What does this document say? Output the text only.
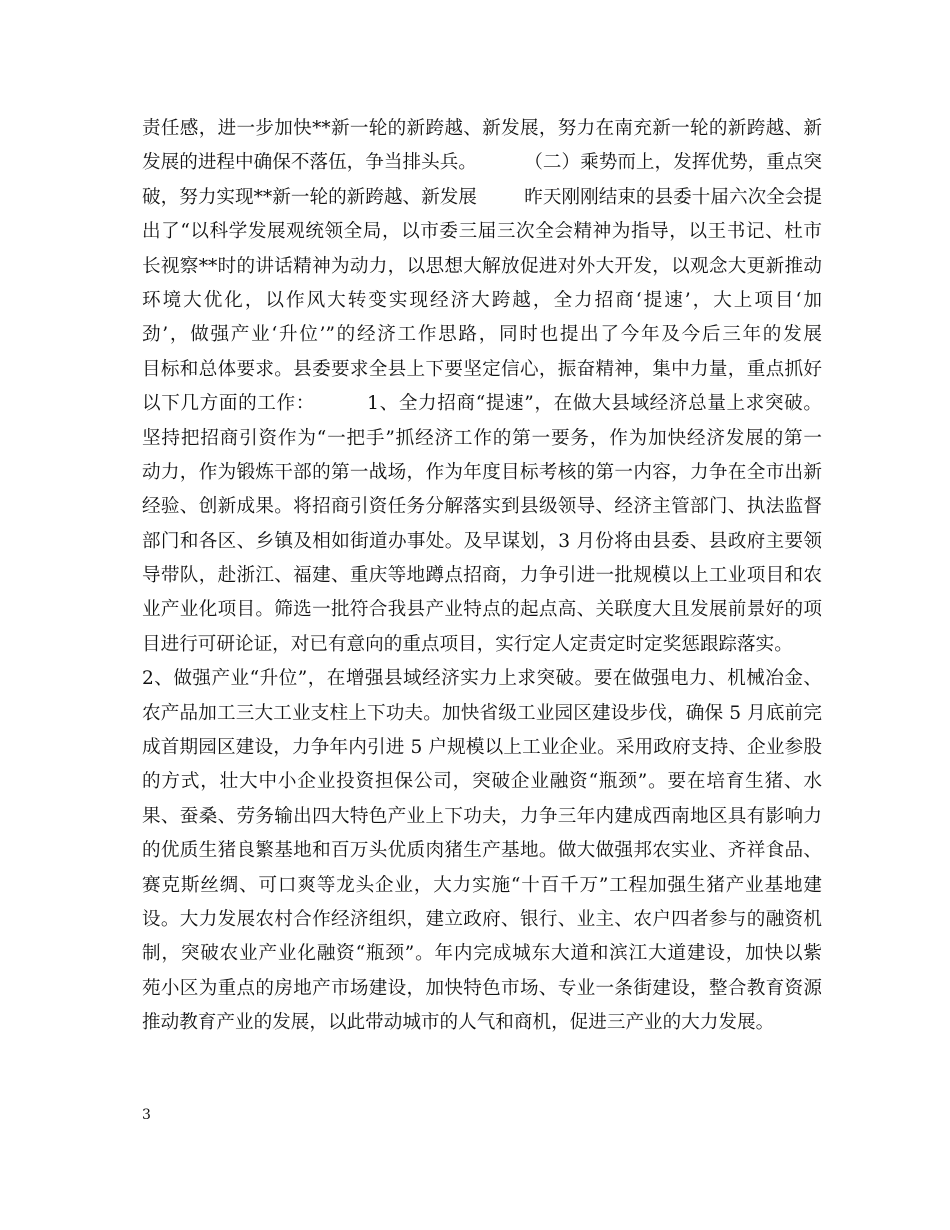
责任感，进一步加快**新一轮的新跨越、新发展，努力在南充新一轮的新跨越、新
发展的进程中确保不落伍，争当排头兵。        （二）乘势而上，发挥优势，重点突
破，努力实现**新一轮的新跨越、新发展        昨天刚刚结束的县委十届六次全会提
出了“以科学发展观统领全局，以市委三届三次全会精神为指导，以王书记、杜市
长视察**时的讲话精神为动力，以思想大解放促进对外大开发，以观念大更新推动
环境大优化，以作风大转变实现经济大跨越，全力招商‘提速’，大上项目‘加
劲’，做强产业‘升位’”的经济工作思路，同时也提出了今年及今后三年的发展
目标和总体要求。县委要求全县上下要坚定信心，振奋精神，集中力量，重点抓好
以下几方面的工作：        1、全力招商“提速”，在做大县域经济总量上求突破。
坚持把招商引资作为“一把手”抓经济工作的第一要务，作为加快经济发展的第一
动力，作为锻炼干部的第一战场，作为年度目标考核的第一内容，力争在全市出新
经验、创新成果。将招商引资任务分解落实到县级领导、经济主管部门、执法监督
部门和各区、乡镇及相如街道办事处。及早谋划，3 月份将由县委、县政府主要领
导带队，赴浙江、福建、重庆等地蹲点招商，力争引进一批规模以上工业项目和农
业产业化项目。筛选一批符合我县产业特点的起点高、关联度大且发展前景好的项
目进行可研论证，对已有意向的重点项目，实行定人定责定时定奖惩跟踪落实。
2、做强产业“升位”，在增强县域经济实力上求突破。要在做强电力、机械冶金、
农产品加工三大工业支柱上下功夫。加快省级工业园区建设步伐，确保 5 月底前完
成首期园区建设，力争年内引进 5 户规模以上工业企业。采用政府支持、企业参股
的方式，壮大中小企业投资担保公司，突破企业融资“瓶颈”。要在培育生猪、水
果、蚕桑、劳务输出四大特色产业上下功夫，力争三年内建成西南地区具有影响力
的优质生猪良繁基地和百万头优质肉猪生产基地。做大做强邦农实业、齐祥食品、
赛克斯丝绸、可口爽等龙头企业，大力实施“十百千万”工程加强生猪产业基地建
设。大力发展农村合作经济组织，建立政府、银行、业主、农户四者参与的融资机
制，突破农业产业化融资“瓶颈”。年内完成城东大道和滨江大道建设，加快以紫
苑小区为重点的房地产市场建设，加快特色市场、专业一条街建设，整合教育资源
推动教育产业的发展，以此带动城市的人气和商机，促进三产业的大力发展。
3
